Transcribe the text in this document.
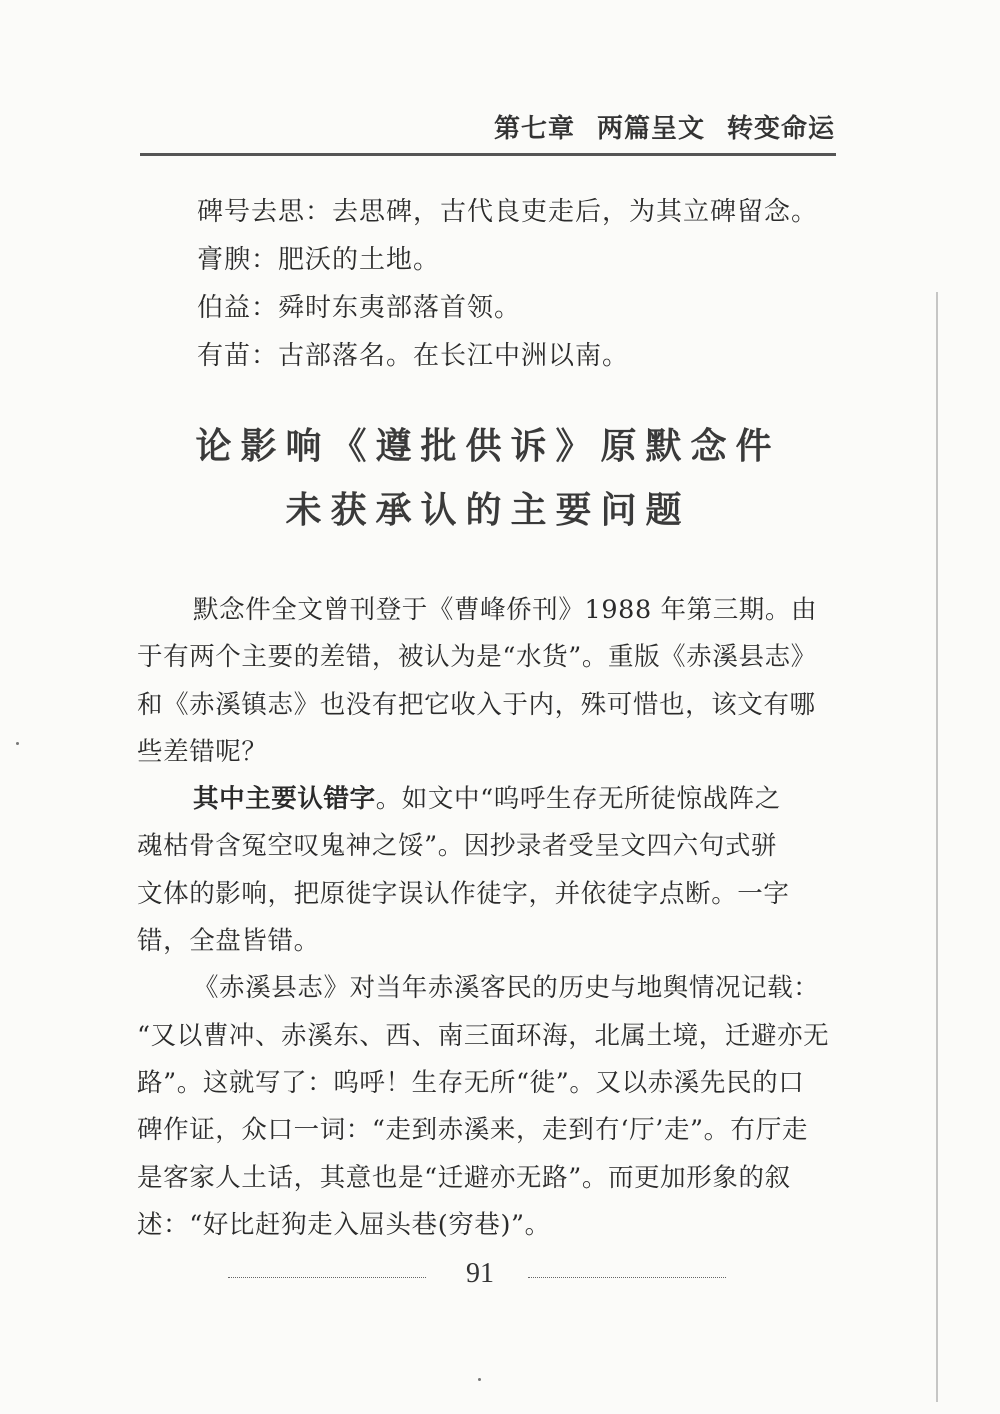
第七章 两篇呈文 转变命运
碑号去思：去思碑，古代良吏走后，为其立碑留念。
膏腴：肥沃的土地。
伯益：舜时东夷部落首领。
有苗：古部落名。在长江中洲以南。
论影响《遵批供诉》原默念件
未获承认的主要问题

默念件全文曾刊登于《曹峰侨刊》1988 年第三期。由
于有两个主要的差错，被认为是“水货”。重版《赤溪县志》
和《赤溪镇志》也没有把它收入于内，殊可惜也，该文有哪
些差错呢？

其中主要认错字。如文中“呜呼生存无所徒惊战阵之
魂枯骨含冤空叹鬼神之馁”。因抄录者受呈文四六句式骈
文体的影响，把原徙字误认作徒字，并依徒字点断。一字
错，全盘皆错。

《赤溪县志》对当年赤溪客民的历史与地舆情况记载：
“又以曹冲、赤溪东、西、南三面环海，北属土境，迁避亦无
路”。这就写了：呜呼！生存无所“徙”。又以赤溪先民的口
碑作证，众口一词：“走到赤溪来，走到冇‘厅’走”。冇厅走
是客家人土话，其意也是“迁避亦无路”。而更加形象的叙
述：“好比赶狗走入屈头巷(穷巷)”。

91
